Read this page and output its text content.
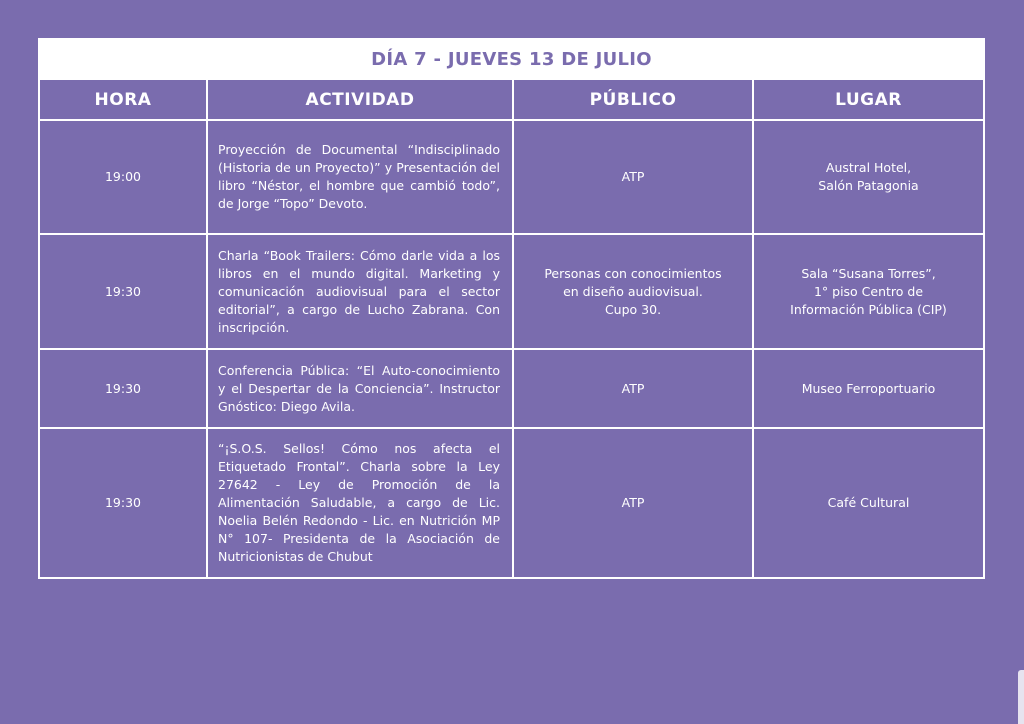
DÍA 7 - JUEVES 13 DE JULIO
HORA	ACTIVIDAD	PÚBLICO	LUGAR
19:00	Proyección de Documental “Indisciplinado (Historia de un Proyecto)” y Presentación del libro “Néstor, el hombre que cambió todo”, de Jorge “Topo” Devoto.	ATP	Austral Hotel,
Salón Patagonia
19:30	Charla “Book Trailers: Cómo darle vida a los libros en el mundo digital. Marketing y comunicación audiovisual para el sector editorial”, a cargo de Lucho Zabrana. Con inscripción.	Personas con conocimientos
en diseño audiovisual.
Cupo 30.	Sala “Susana Torres”,
1° piso Centro de
Información Pública (CIP)
19:30	Conferencia Pública: “El Auto-conocimiento y el Despertar de la Conciencia”. Instructor Gnóstico: Diego Avila.	ATP	Museo Ferroportuario
19:30	“¡S.O.S. Sellos! Cómo nos afecta el Etiquetado Frontal”. Charla sobre la Ley 27642 - Ley de Promoción de la Alimentación Saludable, a cargo de Lic. Noelia Belén Redondo - Lic. en Nutrición MP N° 107- Presidenta de la Asociación de Nutricionistas de Chubut	ATP	Café Cultural
